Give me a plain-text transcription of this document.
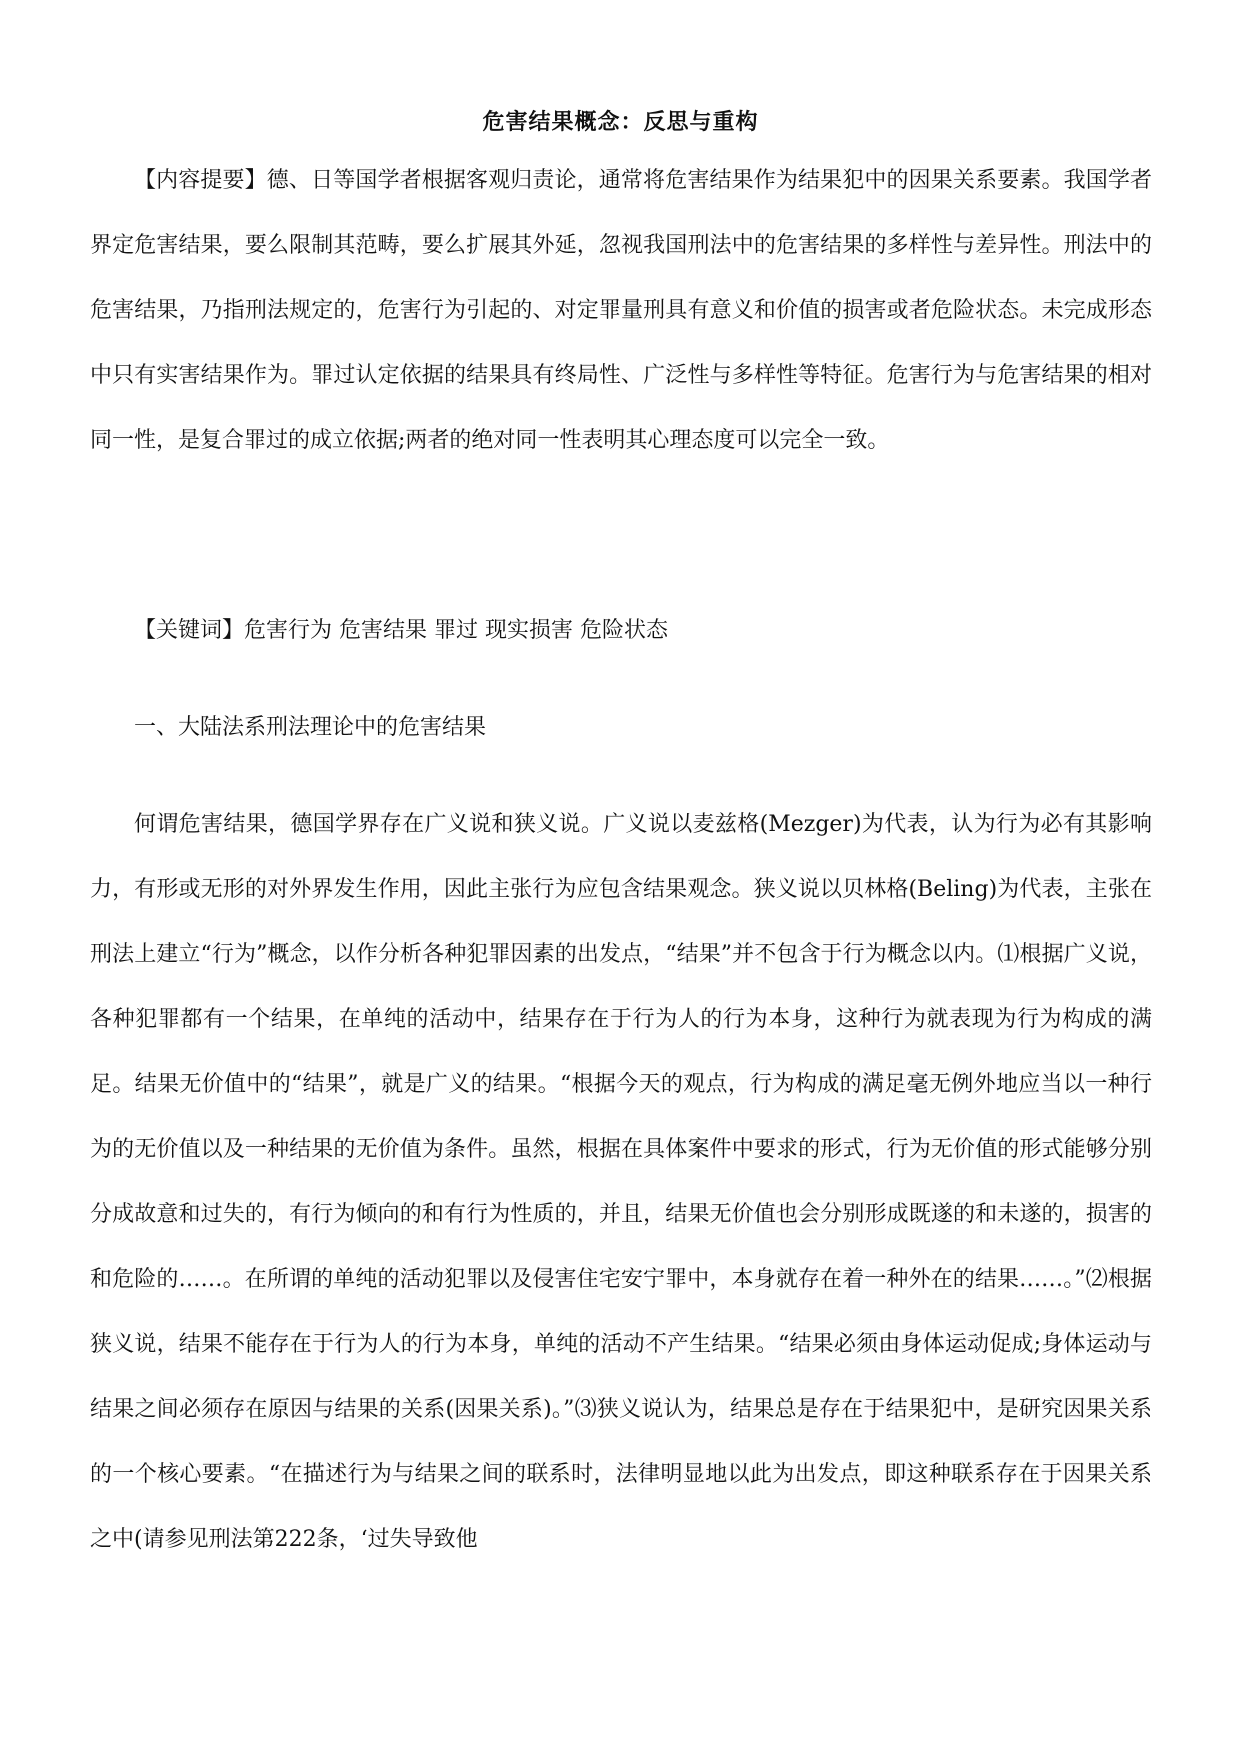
危害结果概念：反思与重构
【内容提要】德、日等国学者根据客观归责论，通常将危害结果作为结果犯中的因果关系要素。我国学者界定危害结果，要么限制其范畴，要么扩展其外延，忽视我国刑法中的危害结果的多样性与差异性。刑法中的危害结果，乃指刑法规定的，危害行为引起的、对定罪量刑具有意义和价值的损害或者危险状态。未完成形态中只有实害结果作为。罪过认定依据的结果具有终局性、广泛性与多样性等特征。危害行为与危害结果的相对同一性，是复合罪过的成立依据;两者的绝对同一性表明其心理态度可以完全一致。
【关键词】危害行为 危害结果 罪过 现实损害 危险状态
一、大陆法系刑法理论中的危害结果
何谓危害结果，德国学界存在广义说和狭义说。广义说以麦兹格(Mezger)为代表，认为行为必有其影响力，有形或无形的对外界发生作用，因此主张行为应包含结果观念。狭义说以贝林格(Beling)为代表，主张在刑法上建立“行为”概念，以作分析各种犯罪因素的出发点，“结果”并不包含于行为概念以内。⑴根据广义说，各种犯罪都有一个结果，在单纯的活动中，结果存在于行为人的行为本身，这种行为就表现为行为构成的满足。结果无价值中的“结果”，就是广义的结果。“根据今天的观点，行为构成的满足毫无例外地应当以一种行为的无价值以及一种结果的无价值为条件。虽然，根据在具体案件中要求的形式，行为无价值的形式能够分别分成故意和过失的，有行为倾向的和有行为性质的，并且，结果无价值也会分别形成既遂的和未遂的，损害的和危险的……。在所谓的单纯的活动犯罪以及侵害住宅安宁罪中，本身就存在着一种外在的结果……。”⑵根据狭义说，结果不能存在于行为人的行为本身，单纯的活动不产生结果。“结果必须由身体运动促成;身体运动与结果之间必须存在原因与结果的关系(因果关系)。”⑶狭义说认为，结果总是存在于结果犯中，是研究因果关系的一个核心要素。“在描述行为与结果之间的联系时，法律明显地以此为出发点，即这种联系存在于因果关系之中(请参见刑法第222条，‘过失导致他
